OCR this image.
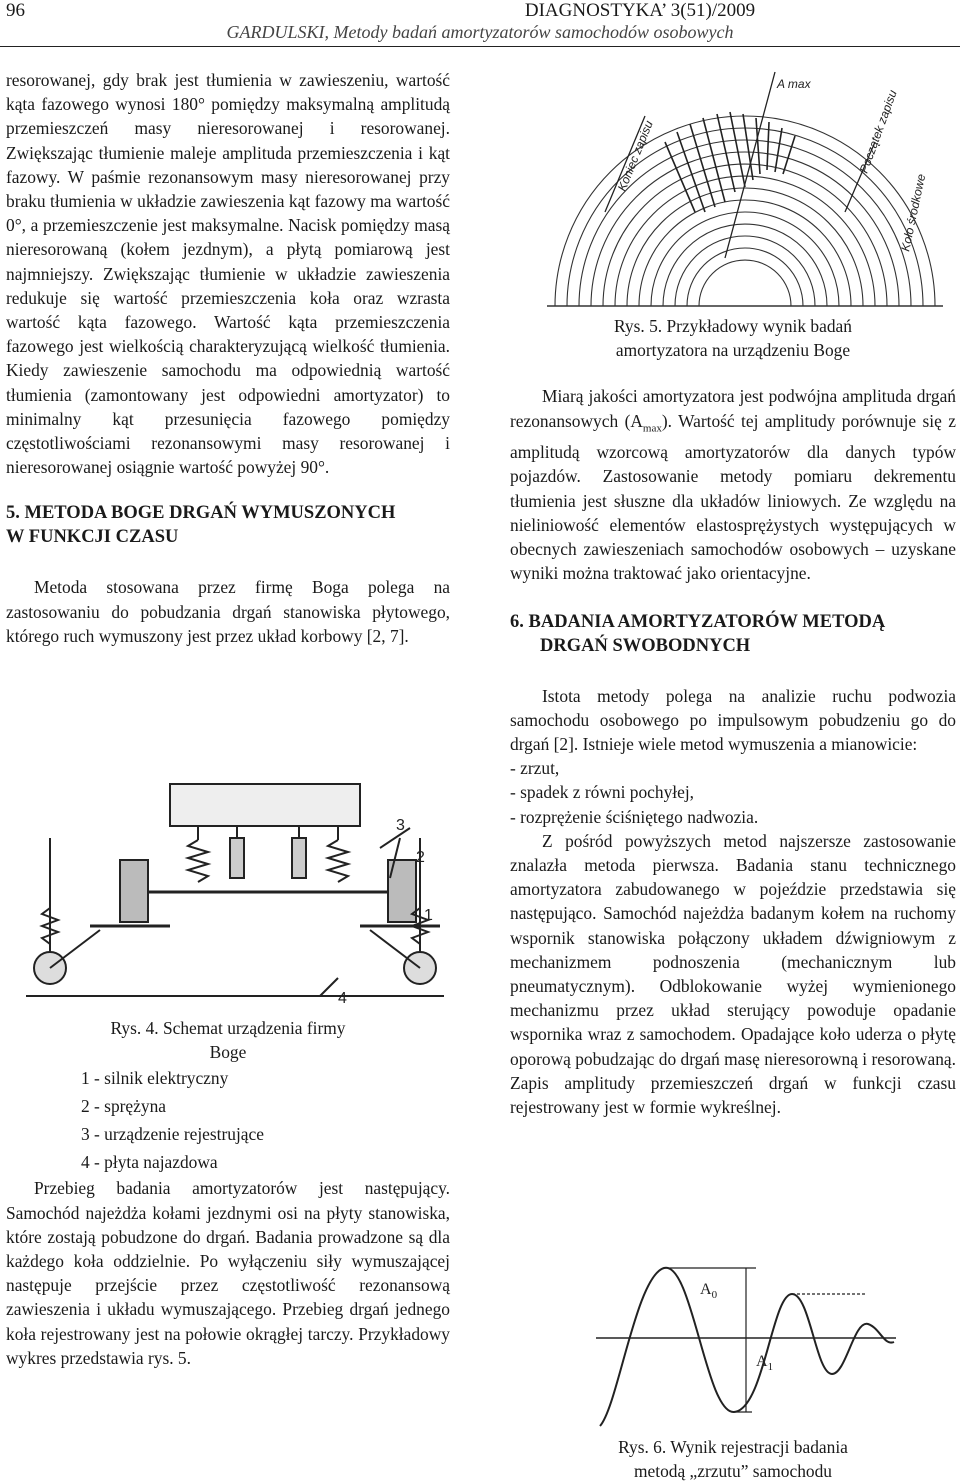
96	DIAGNOSTYKA’ 3(51)/2009
GARDULSKI, Metody badań amortyzatorów samochodów osobowych

resorowanej, gdy brak jest tłumienia w zawieszeniu, wartość kąta fazowego wynosi 180° pomiędzy maksymalną amplitudą przemieszczeń masy nieresorowanej i resorowanej. Zwiększając tłumienie maleje amplituda przemieszczenia i kąt fazowy. W paśmie rezonansowym masy nieresorowanej przy braku tłumienia w układzie zawieszenia kąt fazowy ma wartość 0°, a przemieszczenie jest maksymalne. Nacisk pomiędzy masą nieresorowaną (kołem jezdnym), a płytą pomiarową jest najmniejszy. Zwiększając tłumienie w układzie zawieszenia redukuje się wartość przemieszczenia koła oraz wzrasta wartość kąta fazowego. Wartość kąta przemieszczenia fazowego jest wielkością charakteryzującą wielkość tłumienia. Kiedy zawieszenie samochodu ma odpowiednią wartość tłumienia (zamontowany jest odpowiedni amortyzator) to minimalny kąt przesunięcia fazowego pomiędzy częstotliwościami rezonansowymi masy resorowanej i nieresorowanej osiągnie wartość powyżej 90°.

5. METODA BOGE DRGAŃ WYMUSZONYCH

W FUNKCJI CZASU

Metoda stosowana przez firmę Boga polega na zastosowaniu do pobudzania drgań stanowiska płytowego, którego ruch wymuszony jest przez układ korbowy [2, 7].

3
2
1
4

Rys. 4. Schemat urządzenia firmy

Boge

1 - silnik elektryczny

2 - sprężyna

3 - urządzenie rejestrujące

4 - płyta najazdowa

Przebieg badania amortyzatorów jest następujący. Samochód najeżdża kołami jezdnymi osi na płyty stanowiska, które zostają pobudzone do drgań. Badania prowadzone są dla każdego koła oddzielnie. Po wyłączeniu siły wymuszającej następuje przejście przez częstotliwość rezonansową zawieszenia i układu wymuszającego. Przebieg drgań jednego koła rejestrowany jest na połowie okrągłej tarczy. Przykładowy wykres przedstawia rys. 5.

A max
Koniec zapisu	Początek zapisu
Koło środkowe

Rys. 5. Przykładowy wynik badań

amortyzatora na urządzeniu Boge

Miarą jakości amortyzatora jest podwójna amplituda drgań rezonansowych $(A_{max})$. Wartość tej amplitudy porównuje się z amplitudą wzorcową amortyzatorów dla danych typów pojazdów. Zastosowanie metody pomiaru dekrementu tłumienia jest słuszne dla układów liniowych. Ze względu na nieliniowość elementów elastosprężystych występujących w obecnych zawieszeniach samochodów osobowych – uzyskane wyniki można traktować jako orientacyjne.

6. BADANIA AMORTYZATORÓW METODĄ

DRGAŃ SWOBODNYCH

Istota metody polega na analizie ruchu podwozia samochodu osobowego po impulsowym pobudzeniu go do drgań [2]. Istnieje wiele metod wymuszenia a mianowicie:

- zrzut,

- spadek z równi pochyłej,

- rozprężenie ściśniętego nadwozia.

Z pośród powyższych metod najszersze zastosowanie znalazła metoda pierwsza. Badania stanu technicznego amortyzatora zabudowanego w pojeździe przedstawia się następująco. Samochód najeżdża badanym kołem na ruchomy wspornik stanowiska połączony układem dźwigniowym z mechanizmem podnoszenia (mechanicznym lub pneumatycznym). Odblokowanie wyżej wymienionego mechanizmu przez układ sterujący powoduje opadanie wspornika wraz z samochodem. Opadające koło uderza o płytę oporową pobudzając do drgań masę nieresorowną i resorowaną. Zapis amplitudy przemieszczeń drgań w funkcji czasu rejestrowany jest w formie wykreślnej.

$A_0$
$A_1$

Rys. 6. Wynik rejestracji badania

metodą „zrzutu” samochodu
